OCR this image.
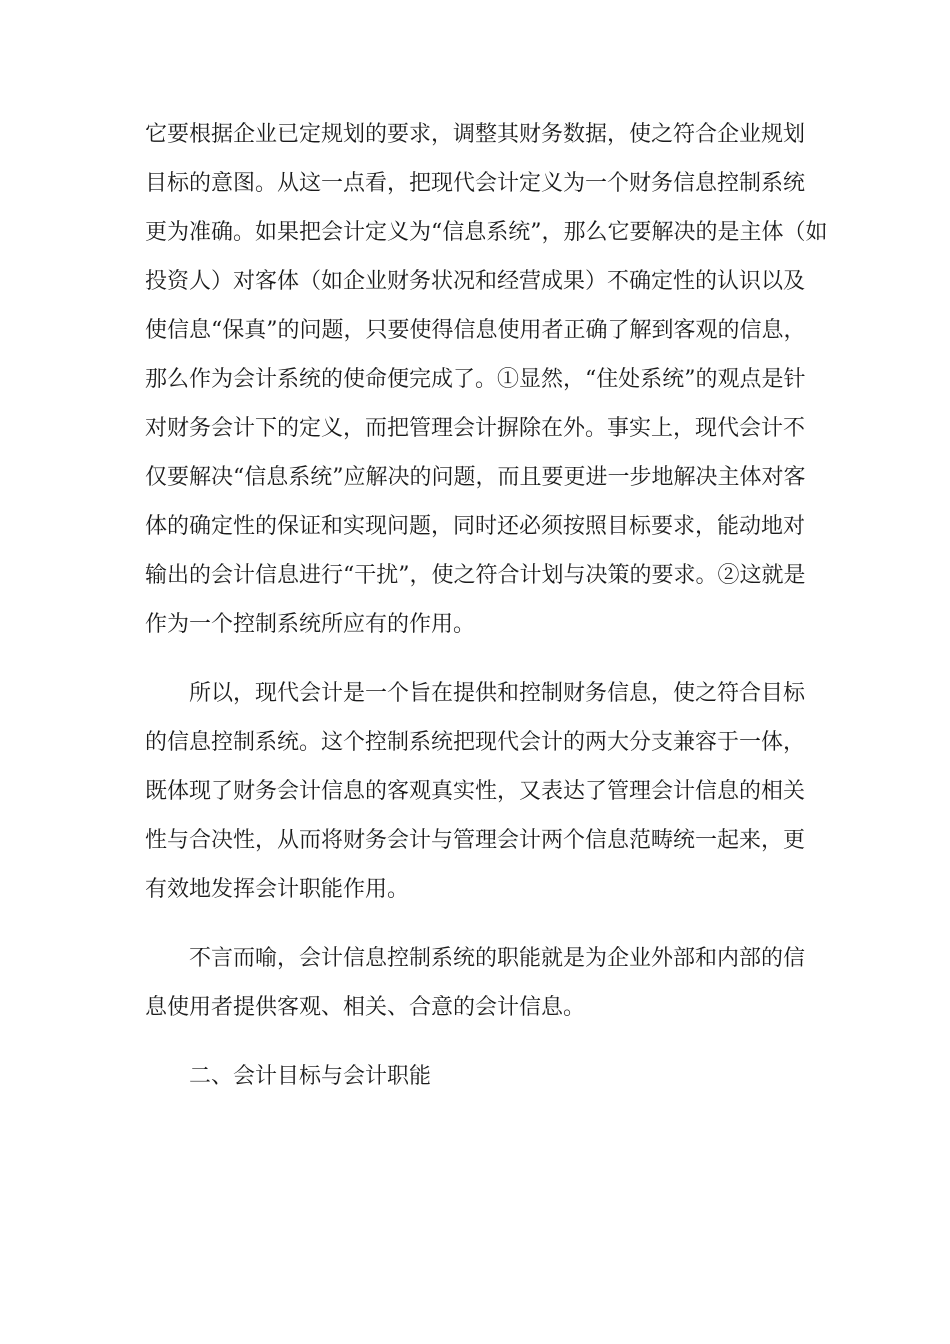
它要根据企业已定规划的要求，调整其财务数据，使之符合企业规划
目标的意图。从这一点看，把现代会计定义为一个财务信息控制系统
更为准确。如果把会计定义为“信息系统”，那么它要解决的是主体（如
投资人）对客体（如企业财务状况和经营成果）不确定性的认识以及
使信息“保真”的问题，只要使得信息使用者正确了解到客观的信息，
那么作为会计系统的使命便完成了。①显然，“住处系统”的观点是针
对财务会计下的定义，而把管理会计摒除在外。事实上，现代会计不
仅要解决“信息系统”应解决的问题，而且要更进一步地解决主体对客
体的确定性的保证和实现问题，同时还必须按照目标要求，能动地对
输出的会计信息进行“干扰”，使之符合计划与决策的要求。②这就是
作为一个控制系统所应有的作用。

所以，现代会计是一个旨在提供和控制财务信息，使之符合目标
的信息控制系统。这个控制系统把现代会计的两大分支兼容于一体，
既体现了财务会计信息的客观真实性，又表达了管理会计信息的相关
性与合决性，从而将财务会计与管理会计两个信息范畴统一起来，更
有效地发挥会计职能作用。

不言而喻，会计信息控制系统的职能就是为企业外部和内部的信
息使用者提供客观、相关、合意的会计信息。

二、会计目标与会计职能
